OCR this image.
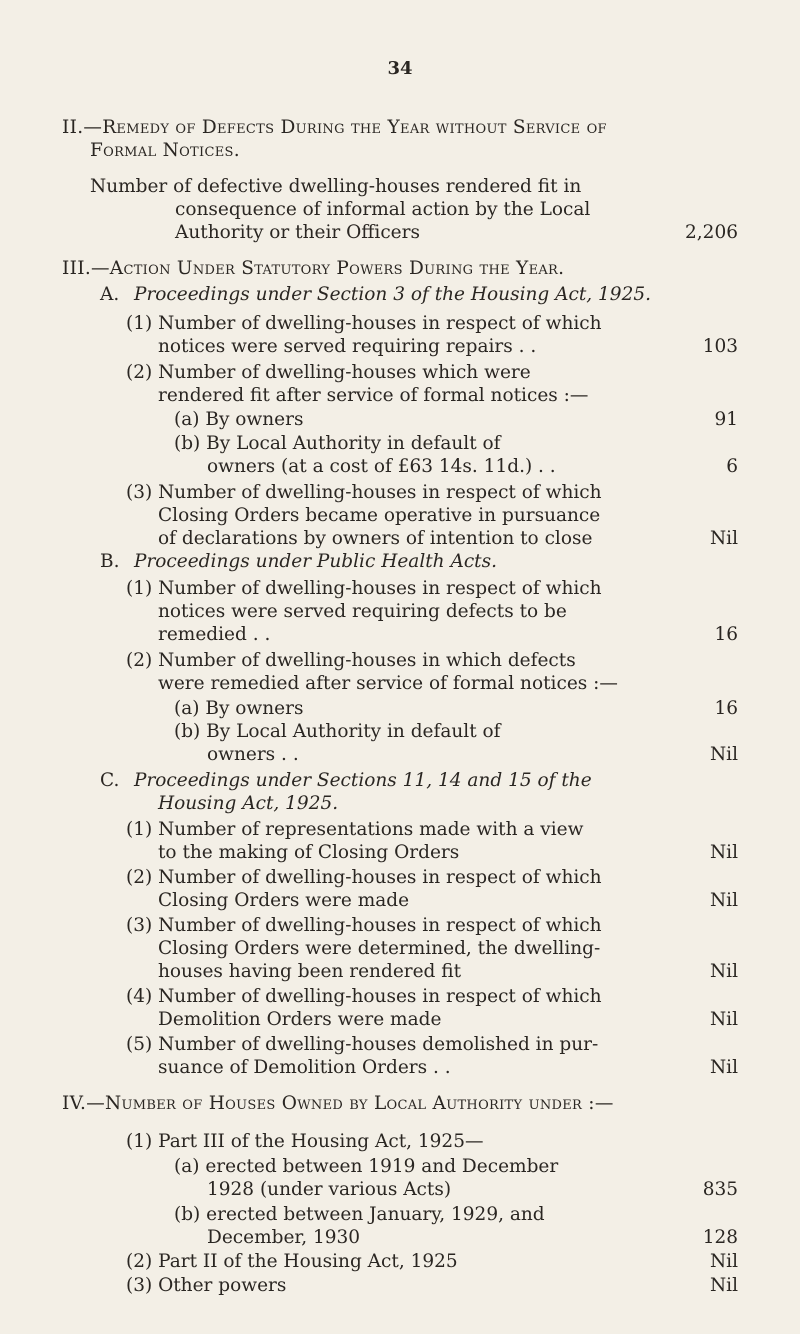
34
II.—Remedy of Defects During the Year without Service of
Formal Notices.
Number of defective dwelling-houses rendered fit in
consequence of informal action by the Local
Authority or their Officers	2,206
III.—Action Under Statutory Powers During the Year.
A. Proceedings under Section 3 of the Housing Act, 1925.
(1) Number of dwelling-houses in respect of which
notices were served requiring repairs . .	103
(2) Number of dwelling-houses which were
rendered fit after service of formal notices :—
(a) By owners	91
(b) By Local Authority in default of
owners (at a cost of £63 14s. 11d.) . .	6
(3) Number of dwelling-houses in respect of which
Closing Orders became operative in pursuance
of declarations by owners of intention to close	Nil
B. Proceedings under Public Health Acts.
(1) Number of dwelling-houses in respect of which
notices were served requiring defects to be
remedied . .	16
(2) Number of dwelling-houses in which defects
were remedied after service of formal notices :—
(a) By owners	16
(b) By Local Authority in default of
owners . .	Nil
C. Proceedings under Sections 11, 14 and 15 of the
Housing Act, 1925.
(1) Number of representations made with a view
to the making of Closing Orders	Nil
(2) Number of dwelling-houses in respect of which
Closing Orders were made	Nil
(3) Number of dwelling-houses in respect of which
Closing Orders were determined, the dwelling-
houses having been rendered fit	Nil
(4) Number of dwelling-houses in respect of which
Demolition Orders were made	Nil
(5) Number of dwelling-houses demolished in pur-
suance of Demolition Orders . .	Nil
IV.—Number of Houses Owned by Local Authority under :—
(1) Part III of the Housing Act, 1925—
(a) erected between 1919 and December
1928 (under various Acts)	835
(b) erected between January, 1929, and
December, 1930	128
(2) Part II of the Housing Act, 1925	Nil
(3) Other powers	Nil
